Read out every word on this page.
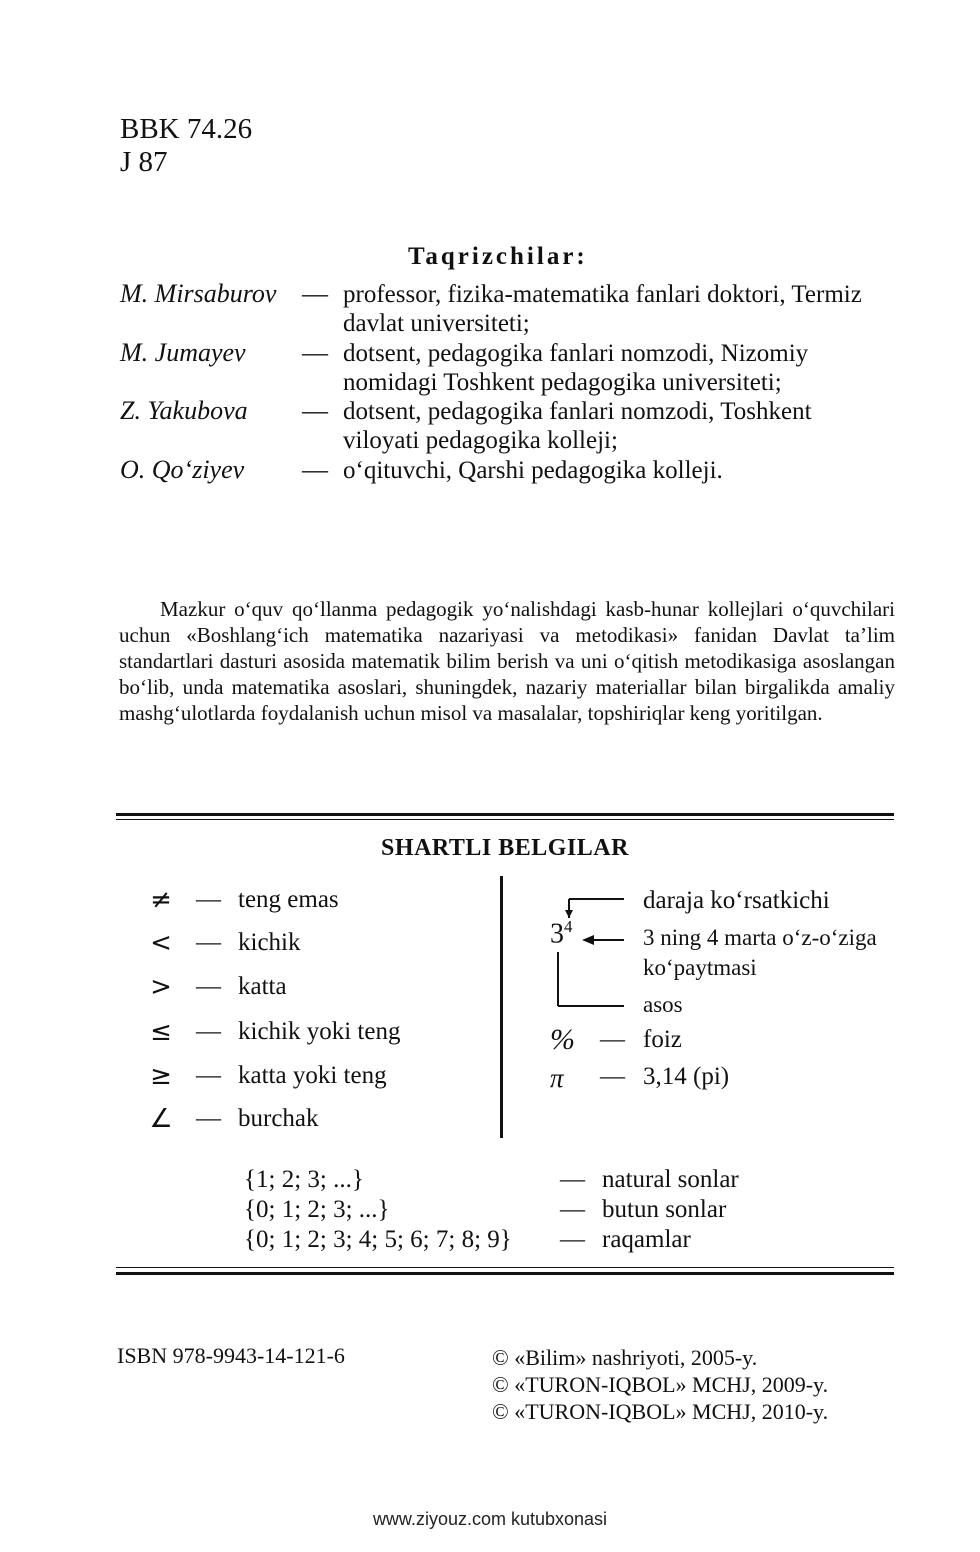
BBK 74.26
J 87
Taqrizchilar:
M. Mirsaburov — professor, fizika-matematika fanlari doktori, Termiz
davlat universiteti;
M. Jumayev — dotsent, pedagogika fanlari nomzodi, Nizomiy
nomidagi Toshkent pedagogika universiteti;
Z. Yakubova — dotsent, pedagogika fanlari nomzodi, Toshkent
viloyati pedagogika kolleji;
O. Qo‘ziyev — o‘qituvchi, Qarshi pedagogika kolleji.
Mazkur o‘quv qo‘llanma pedagogik yo‘nalishdagi kasb-hunar kollejlari o‘quvchilari uchun «Boshlang‘ich matematika nazariyasi va metodikasi» fanidan Davlat ta’lim standartlari dasturi asosida matematik bilim berish va uni o‘qitish metodikasiga asoslangan bo‘lib, unda matematika asoslari, shuningdek, nazariy materiallar bilan birgalikda amaliy mashg‘ulotlarda foydalanish uchun misol va masalalar, topshiriqlar keng yoritilgan.
SHARTLI BELGILAR
≠ — teng emas
< — kichik
> — katta
≤ — kichik yoki teng
≥ — katta yoki teng
∠ — burchak
$3^4$
daraja ko‘rsatkichi
3 ning 4 marta o‘z-o‘ziga
ko‘paytmasi
asos
% — foiz
π — 3,14 (pi)
{1; 2; 3; ...}	— natural sonlar
{0; 1; 2; 3; ...}	— butun sonlar
{0; 1; 2; 3; 4; 5; 6; 7; 8; 9} — raqamlar
ISBN 978-9943-14-121-6	© «Bilim» nashriyoti, 2005-y.
© «TURON-IQBOL» MCHJ, 2009-y.
© «TURON-IQBOL» MCHJ, 2010-y.
www.ziyouz.com kutubxonasi
